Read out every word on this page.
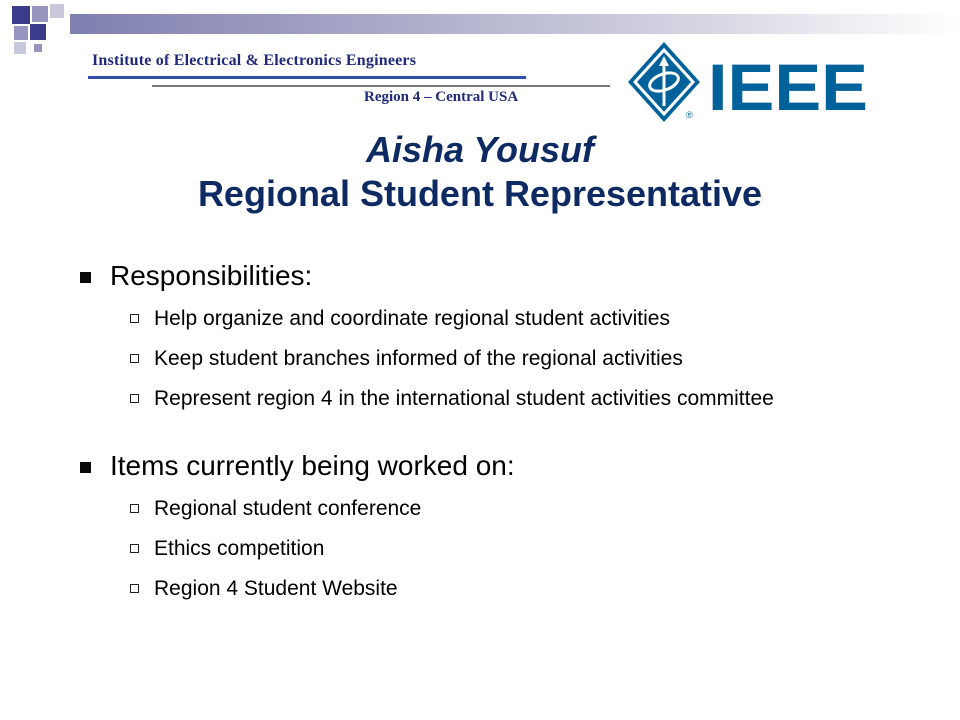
Institute of Electrical & Electronics Engineers
Region 4 – Central USA
® IEEE
Aisha Yousuf
Regional Student Representative
Responsibilities:
Help organize and coordinate regional student activities
Keep student branches informed of the regional activities
Represent region 4 in the international student activities committee
Items currently being worked on:
Regional student conference
Ethics competition
Region 4 Student Website
